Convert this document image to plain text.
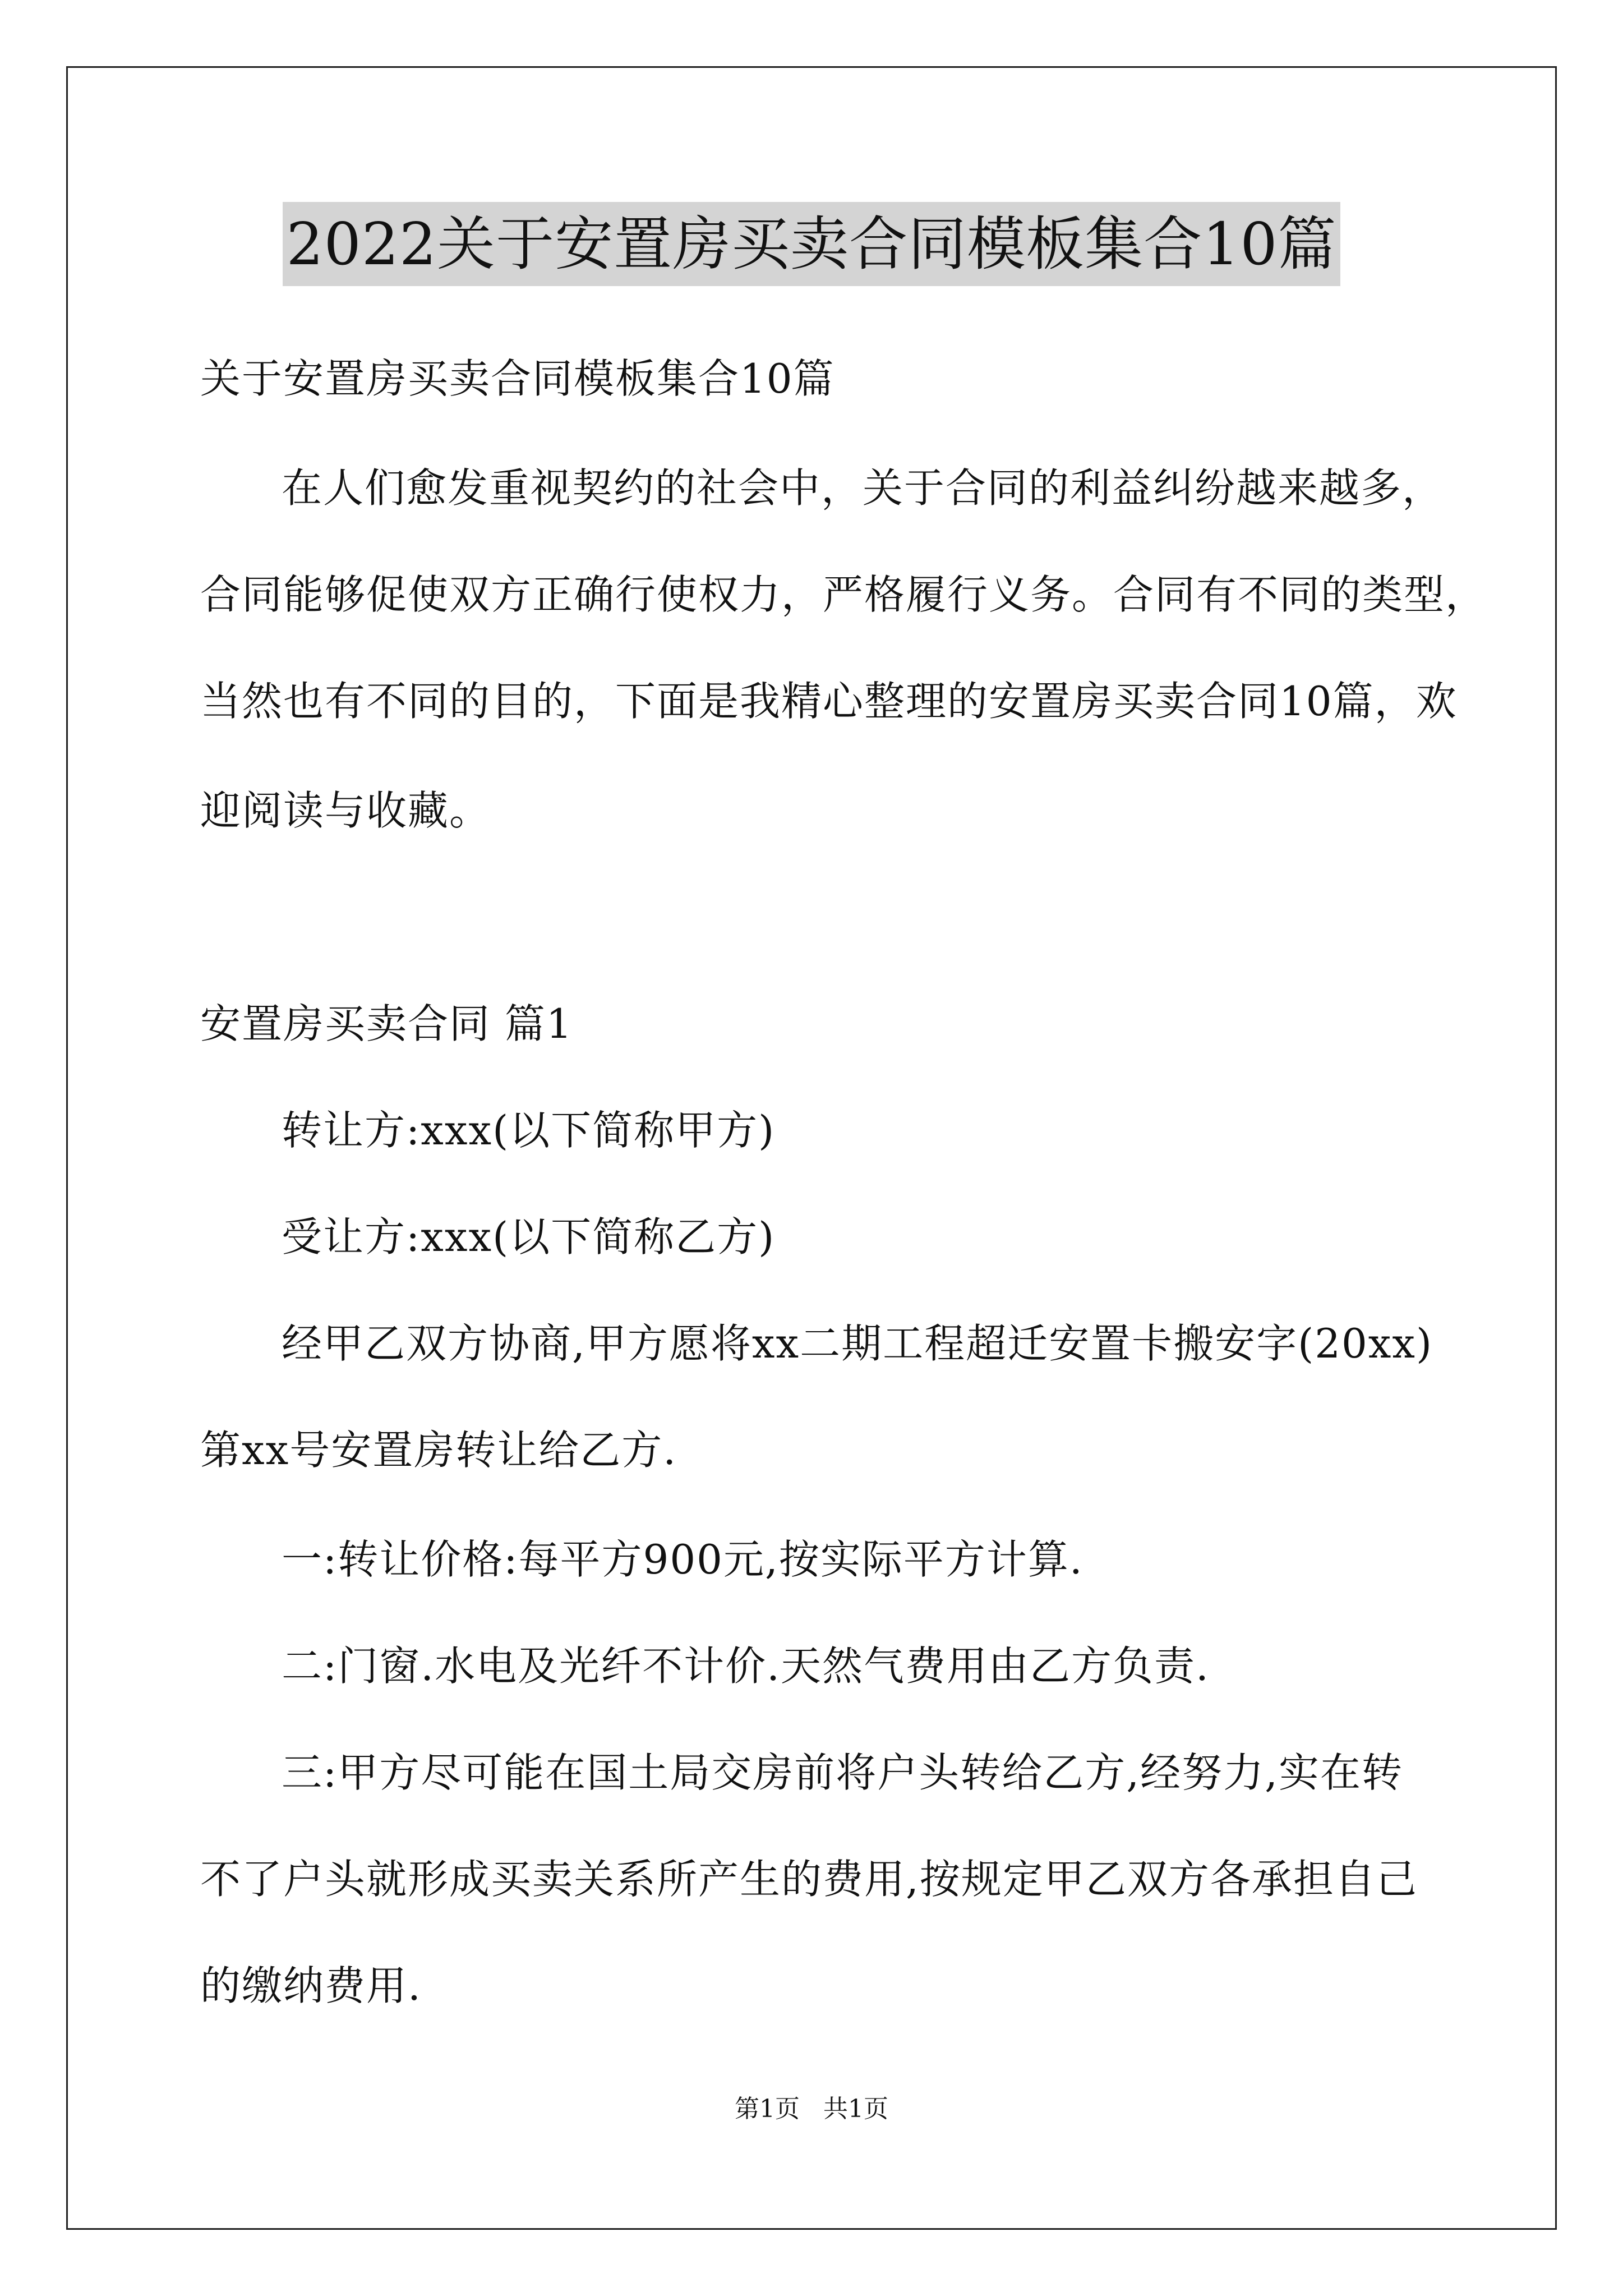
2022关于安置房买卖合同模板集合10篇
关于安置房买卖合同模板集合10篇
在人们愈发重视契约的社会中，关于合同的利益纠纷越来越多，
合同能够促使双方正确行使权力，严格履行义务。合同有不同的类型，
当然也有不同的目的，下面是我精心整理的安置房买卖合同10篇，欢
迎阅读与收藏。
安置房买卖合同 篇1
转让方:xxx(以下简称甲方)
受让方:xxx(以下简称乙方)
经甲乙双方协商,甲方愿将xx二期工程超迁安置卡搬安字(20xx)
第xx号安置房转让给乙方.
一:转让价格:每平方900元,按实际平方计算.
二:门窗.水电及光纤不计价.天然气费用由乙方负责.
三:甲方尽可能在国土局交房前将户头转给乙方,经努力,实在转
不了户头就形成买卖关系所产生的费用,按规定甲乙双方各承担自己
的缴纳费用.
第1页   共1页
